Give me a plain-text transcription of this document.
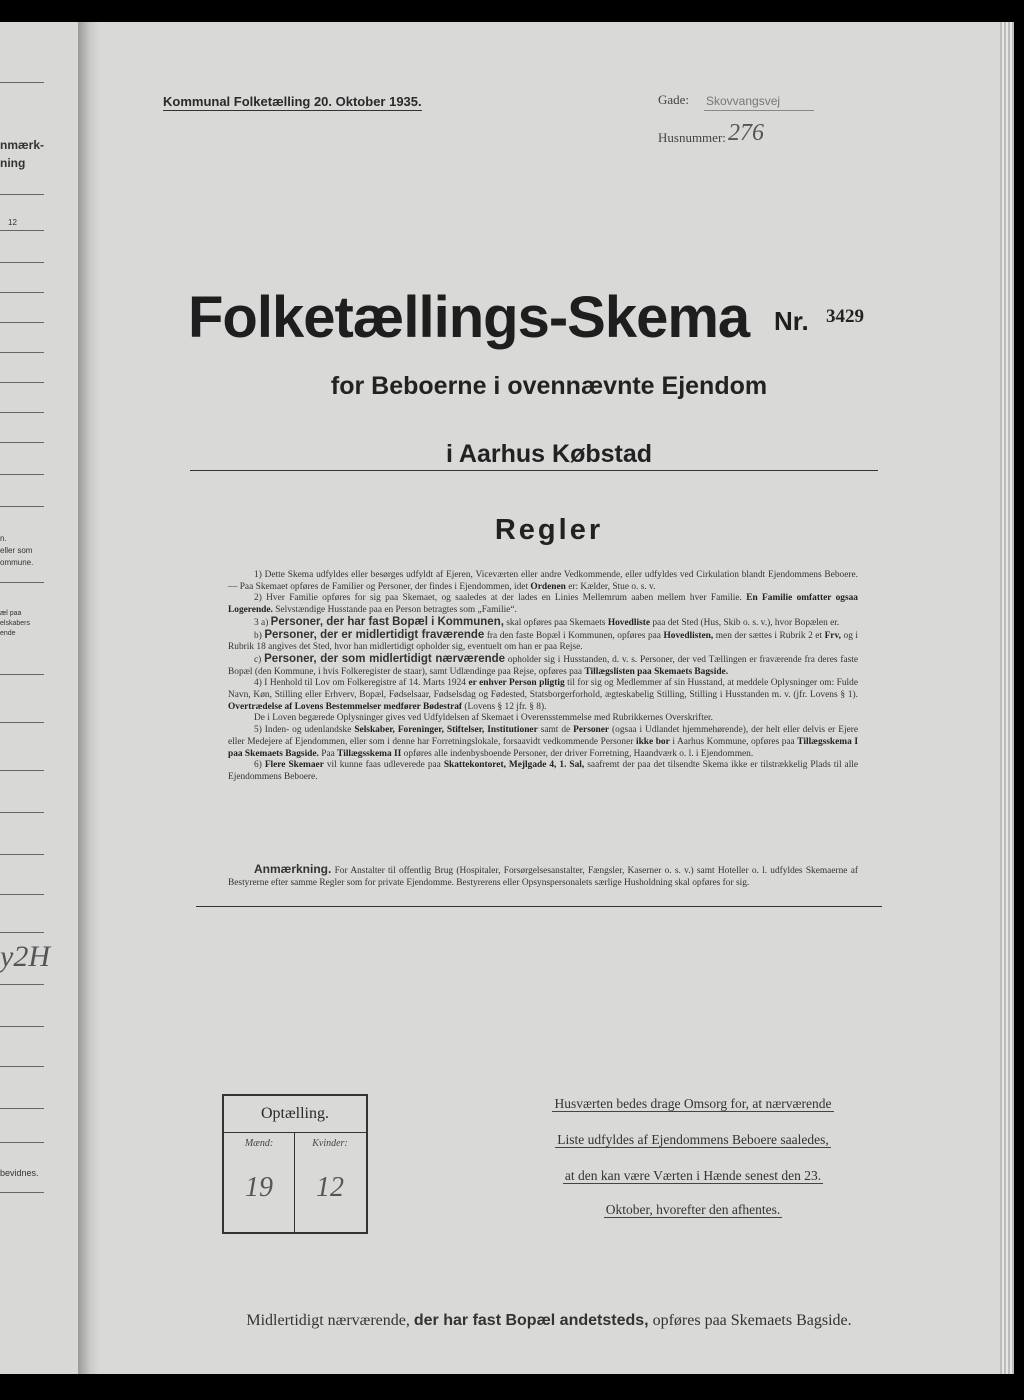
nmærk-
ning
12
n.
eller som
ommune.
æl paa
elskabers
ende
y2H
bevidnes.
Kommunal Folketælling 20. Oktober 1935.	Gade: Skovvangsvej
Husnummer: 276
Folketællings-Skema Nr. 3429
for Beboerne i ovennævnte Ejendom
i Aarhus Købstad
Regler

1) Dette Skema udfyldes eller besørges udfyldt af Ejeren, Viceværten eller andre Vedkommende, eller udfyldes ved Cirkulation blandt Ejendommens Beboere. — Paa Skemaet opføres de Familier og Personer, der findes i Ejendommen, idet Ordenen er: Kælder, Stue o. s. v.

2) Hver Familie opføres for sig paa Skemaet, og saaledes at der lades en Linies Mellemrum aaben mellem hver Familie. En Familie omfatter ogsaa Logerende. Selvstændige Husstande paa en Person betragtes som „Familie“.

3 a) Personer, der har fast Bopæl i Kommunen, skal opføres paa Skemaets Hovedliste paa det Sted (Hus, Skib o. s. v.), hvor Bopælen er.

b) Personer, der er midlertidigt fraværende fra den faste Bopæl i Kommunen, opføres paa Hovedlisten, men der sættes i Rubrik 2 et Frv, og i Rubrik 18 angives det Sted, hvor han midlertidigt opholder sig, eventuelt om han er paa Rejse.

c) Personer, der som midlertidigt nærværende opholder sig i Husstanden, d. v. s. Personer, der ved Tællingen er fraværende fra deres faste Bopæl (den Kommune, i hvis Folkeregister de staar), samt Udlændinge paa Rejse, opføres paa Tillægslisten paa Skemaets Bagside.

4) I Henhold til Lov om Folkeregistre af 14. Marts 1924 er enhver Person pligtig til for sig og Medlemmer af sin Husstand, at meddele Oplysninger om: Fulde Navn, Køn, Stilling eller Erhverv, Bopæl, Fødselsaar, Fødselsdag og Fødested, Statsborgerforhold, ægteskabelig Stilling, Stilling i Husstanden m. v. (jfr. Lovens § 1). Overtrædelse af Lovens Bestemmelser medfører Bødestraf (Lovens § 12 jfr. § 8).

De i Loven begærede Oplysninger gives ved Udfyldelsen af Skemaet i Overensstemmelse med Rubrikkernes Overskrifter.

5) Inden- og udenlandske Selskaber, Foreninger, Stiftelser, Institutioner samt de Personer (ogsaa i Udlandet hjemmehørende), der helt eller delvis er Ejere eller Medejere af Ejendommen, eller som i denne har Forretningslokale, forsaavidt vedkommende Personer ikke bor i Aarhus Kommune, opføres paa Tillægsskema I paa Skemaets Bagside. Paa Tillægsskema II opføres alle indenbysboende Personer, der driver Forretning, Haandværk o. l. i Ejendommen.

6) Flere Skemaer vil kunne faas udleverede paa Skattekontoret, Mejlgade 4, 1. Sal, saafremt der paa det tilsendte Skema ikke er tilstrækkelig Plads til alle Ejendommens Beboere.

Anmærkning. For Anstalter til offentlig Brug (Hospitaler, Forsørgelsesanstalter, Fængsler, Kaserner o. s. v.) samt Hoteller o. l. udfyldes Skemaerne af Bestyrerne efter samme Regler som for private Ejendomme. Bestyrerens eller Opsynspersonalets særlige Husholdning skal opføres for sig.

Optælling.
Mænd:	Kvinder:
19	12
Husværten bedes drage Omsorg for, at nærværende
Liste udfyldes af Ejendommens Beboere saaledes,
at den kan være Værten i Hænde senest den 23.
Oktober, hvorefter den afhentes.
Midlertidigt nærværende, der har fast Bopæl andetsteds, opføres paa Skemaets Bagside.
